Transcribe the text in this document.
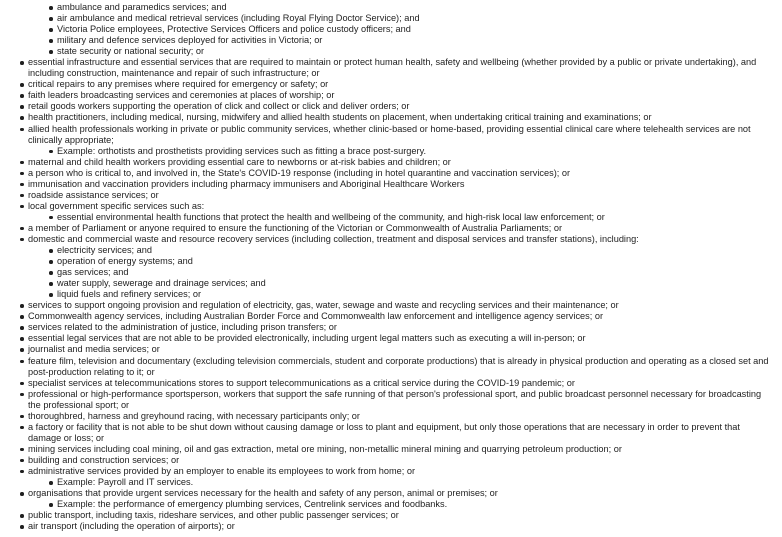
ambulance and paramedics services; and
air ambulance and medical retrieval services (including Royal Flying Doctor Service); and
Victoria Police employees, Protective Services Officers and police custody officers; and
military and defence services deployed for activities in Victoria; or
state security or national security; or
essential infrastructure and essential services that are required to maintain or protect human health, safety and wellbeing (whether provided by a public or private undertaking), and including construction, maintenance and repair of such infrastructure; or
critical repairs to any premises where required for emergency or safety; or
faith leaders broadcasting services and ceremonies at places of worship; or
retail goods workers supporting the operation of click and collect or click and deliver orders; or
health practitioners, including medical, nursing, midwifery and allied health students on placement, when undertaking critical training and examinations; or
allied health professionals working in private or public community services, whether clinic-based or home-based, providing essential clinical care where telehealth services are not clinically appropriate;
Example: orthotists and prosthetists providing services such as fitting a brace post-surgery.
maternal and child health workers providing essential care to newborns or at-risk babies and children; or
a person who is critical to, and involved in, the State's COVID-19 response (including in hotel quarantine and vaccination services); or
immunisation and vaccination providers including pharmacy immunisers and Aboriginal Healthcare Workers
roadside assistance services; or
local government specific services such as:
essential environmental health functions that protect the health and wellbeing of the community, and high-risk local law enforcement; or
a member of Parliament or anyone required to ensure the functioning of the Victorian or Commonwealth of Australia Parliaments; or
domestic and commercial waste and resource recovery services (including collection, treatment and disposal services and transfer stations), including:
electricity services; and
operation of energy systems; and
gas services; and
water supply, sewerage and drainage services; and
liquid fuels and refinery services; or
services to support ongoing provision and regulation of electricity, gas, water, sewage and waste and recycling services and their maintenance; or
Commonwealth agency services, including Australian Border Force and Commonwealth law enforcement and intelligence agency services; or
services related to the administration of justice, including prison transfers; or
essential legal services that are not able to be provided electronically, including urgent legal matters such as executing a will in-person; or
journalist and media services; or
feature film, television and documentary (excluding television commercials, student and corporate productions) that is already in physical production and operating as a closed set and post-production relating to it; or
specialist services at telecommunications stores to support telecommunications as a critical service during the COVID-19 pandemic; or
professional or high-performance sportsperson, workers that support the safe running of that person's professional sport, and public broadcast personnel necessary for broadcasting the professional sport; or
thoroughbred, harness and greyhound racing, with necessary participants only; or
a factory or facility that is not able to be shut down without causing damage or loss to plant and equipment, but only those operations that are necessary in order to prevent that damage or loss; or
mining services including coal mining, oil and gas extraction, metal ore mining, non-metallic mineral mining and quarrying petroleum production; or
building and construction services; or
administrative services provided by an employer to enable its employees to work from home; or
Example: Payroll and IT services.
organisations that provide urgent services necessary for the health and safety of any person, animal or premises; or
Example: the performance of emergency plumbing services, Centrelink services and foodbanks.
public transport, including taxis, rideshare services, and other public passenger services; or
air transport (including the operation of airports); or
